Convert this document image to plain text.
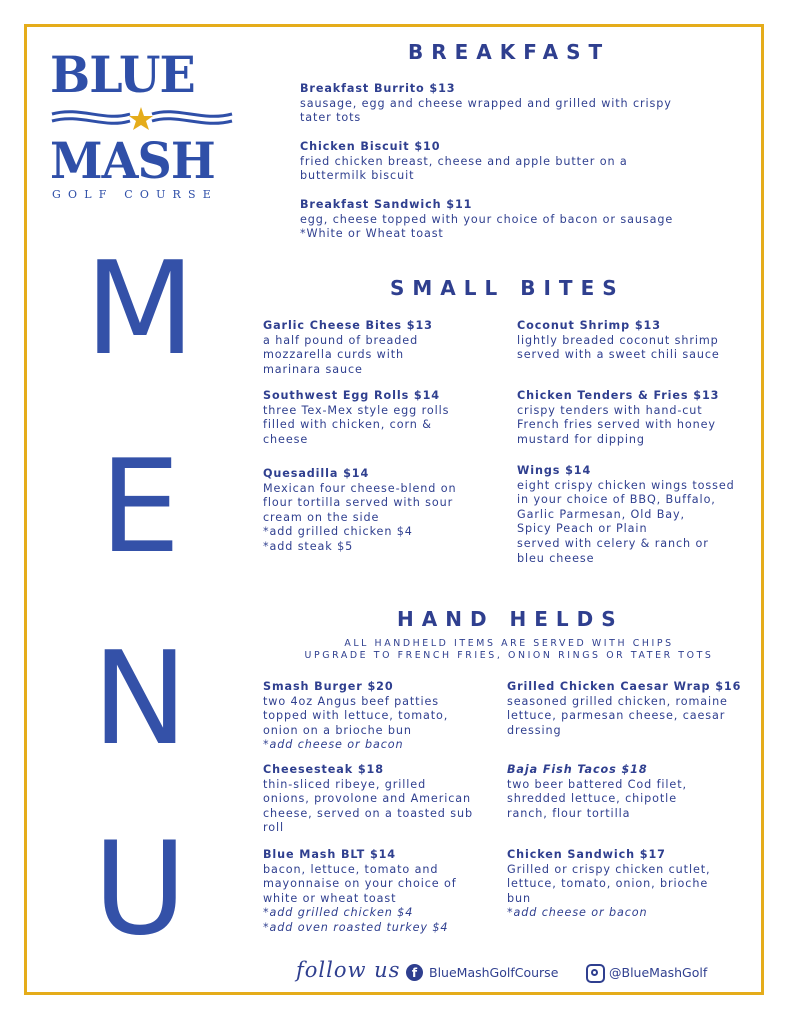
BLUE
MASH
GOLF COURSE
M
E
N
U
BREAKFAST
Breakfast Burrito $13
sausage, egg and cheese wrapped and grilled with crispy
tater tots
Chicken Biscuit $10
fried chicken breast, cheese and apple butter on a
buttermilk biscuit
Breakfast Sandwich $11
egg, cheese topped with your choice of bacon or sausage
*White or Wheat toast
SMALL BITES
Garlic Cheese Bites $13
a half pound of breaded
mozzarella curds with
marinara sauce
Coconut Shrimp $13
lightly breaded coconut shrimp
served with a sweet chili sauce
Southwest Egg Rolls $14
three Tex-Mex style egg rolls
filled with chicken, corn &
cheese
Chicken Tenders & Fries $13
crispy tenders with hand-cut
French fries served with honey
mustard for dipping
Quesadilla $14
Mexican four cheese-blend on
flour tortilla served with sour
cream on the side
*add grilled chicken $4
*add steak $5
Wings $14
eight crispy chicken wings tossed
in your choice of BBQ, Buffalo,
Garlic Parmesan, Old Bay,
Spicy Peach or Plain
served with celery & ranch or
bleu cheese
HAND HELDS
ALL HANDHELD ITEMS ARE SERVED WITH CHIPS
UPGRADE TO FRENCH FRIES, ONION RINGS OR TATER TOTS
Smash Burger $20
two 4oz Angus beef patties
topped with lettuce, tomato,
onion on a brioche bun
*add cheese or bacon
Grilled Chicken Caesar Wrap $16
seasoned grilled chicken, romaine
lettuce, parmesan cheese, caesar
dressing
Cheesesteak $18
thin-sliced ribeye, grilled
onions, provolone and American
cheese, served on a toasted sub
roll
Baja Fish Tacos $18
two beer battered Cod filet,
shredded lettuce, chipotle
ranch, flour tortilla
Blue Mash BLT $14
bacon, lettuce, tomato and
mayonnaise on your choice of
white or wheat toast
*add grilled chicken $4
*add oven roasted turkey $4
Chicken Sandwich $17
Grilled or crispy chicken cutlet,
lettuce, tomato, onion, brioche
bun
*add cheese or bacon
follow us f BlueMashGolfCourse	@BlueMashGolf
